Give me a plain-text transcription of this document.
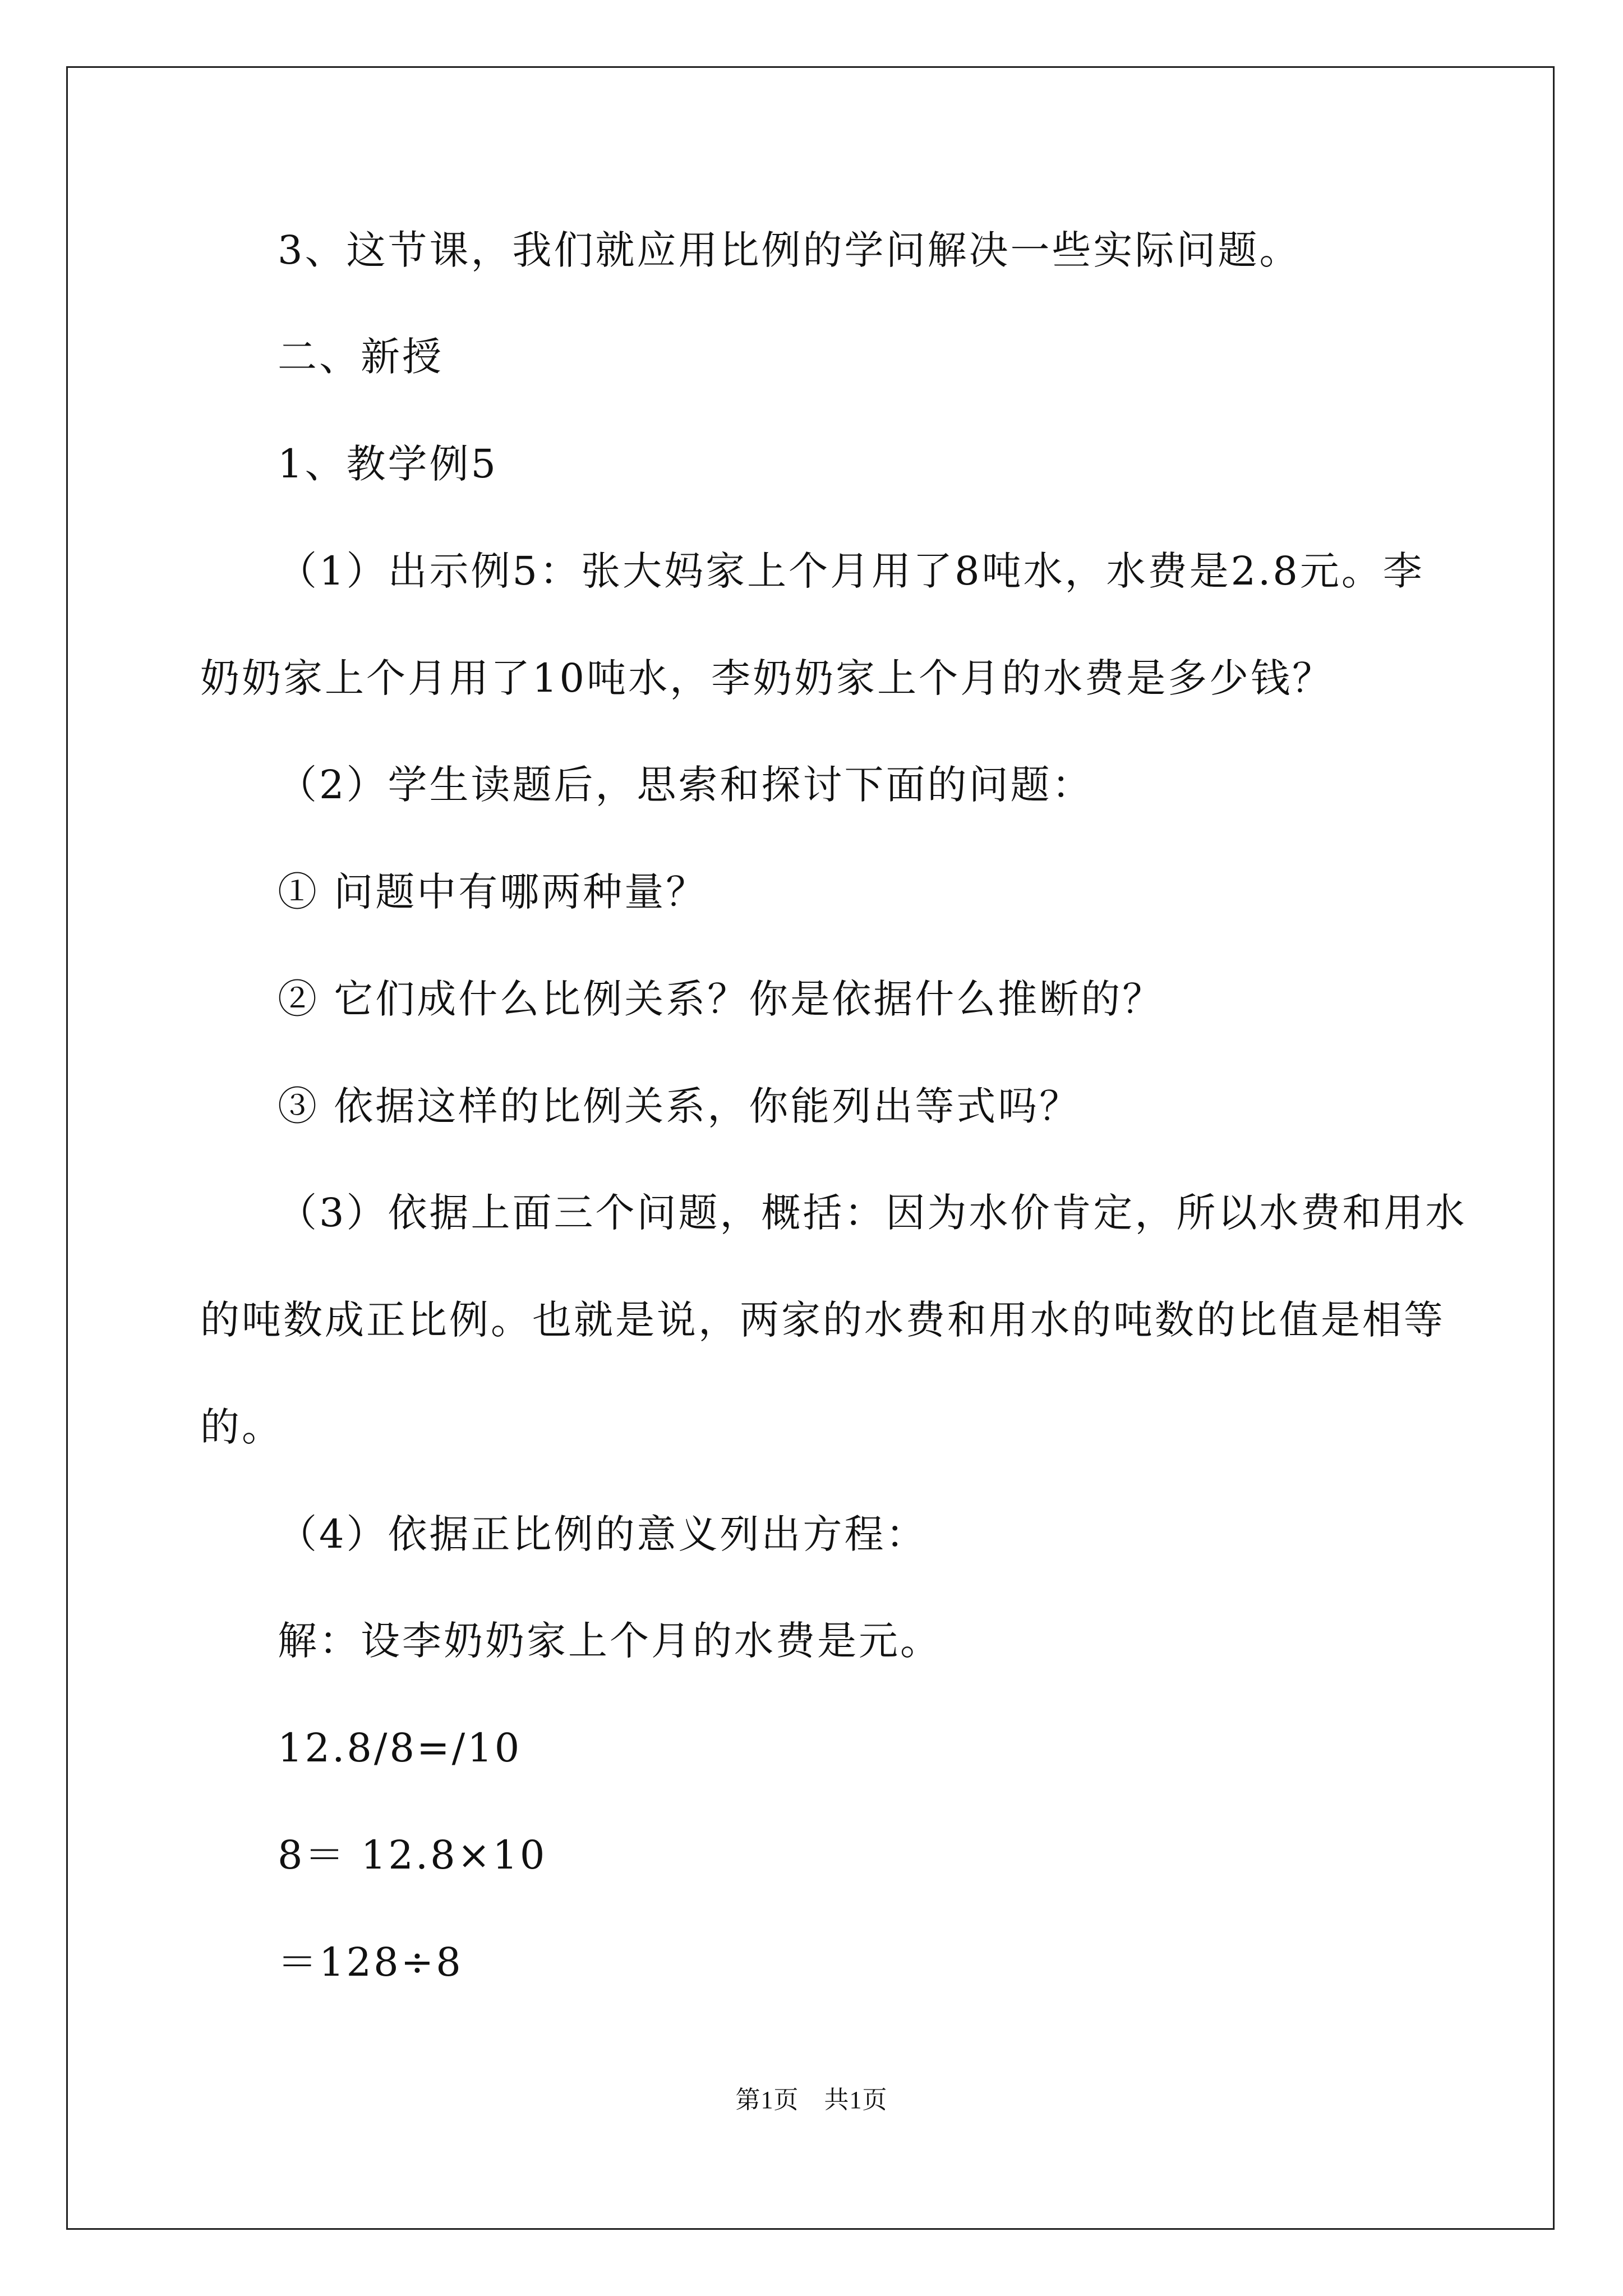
3、这节课，我们就应用比例的学问解决一些实际问题。
二、新授
1、教学例5
（1）出示例5：张大妈家上个月用了8吨水，水费是2.8元。李
奶奶家上个月用了10吨水，李奶奶家上个月的水费是多少钱？
（2）学生读题后，思索和探讨下面的问题：
① 问题中有哪两种量？
② 它们成什么比例关系？你是依据什么推断的？
③ 依据这样的比例关系，你能列出等式吗？
（3）依据上面三个问题，概括：因为水价肯定，所以水费和用水
的吨数成正比例。也就是说，两家的水费和用水的吨数的比值是相等
的。
（4）依据正比例的意义列出方程：
解：设李奶奶家上个月的水费是元。
12.8/8=/10
8＝ 12.8×10
＝128÷8
第1页　共1页
